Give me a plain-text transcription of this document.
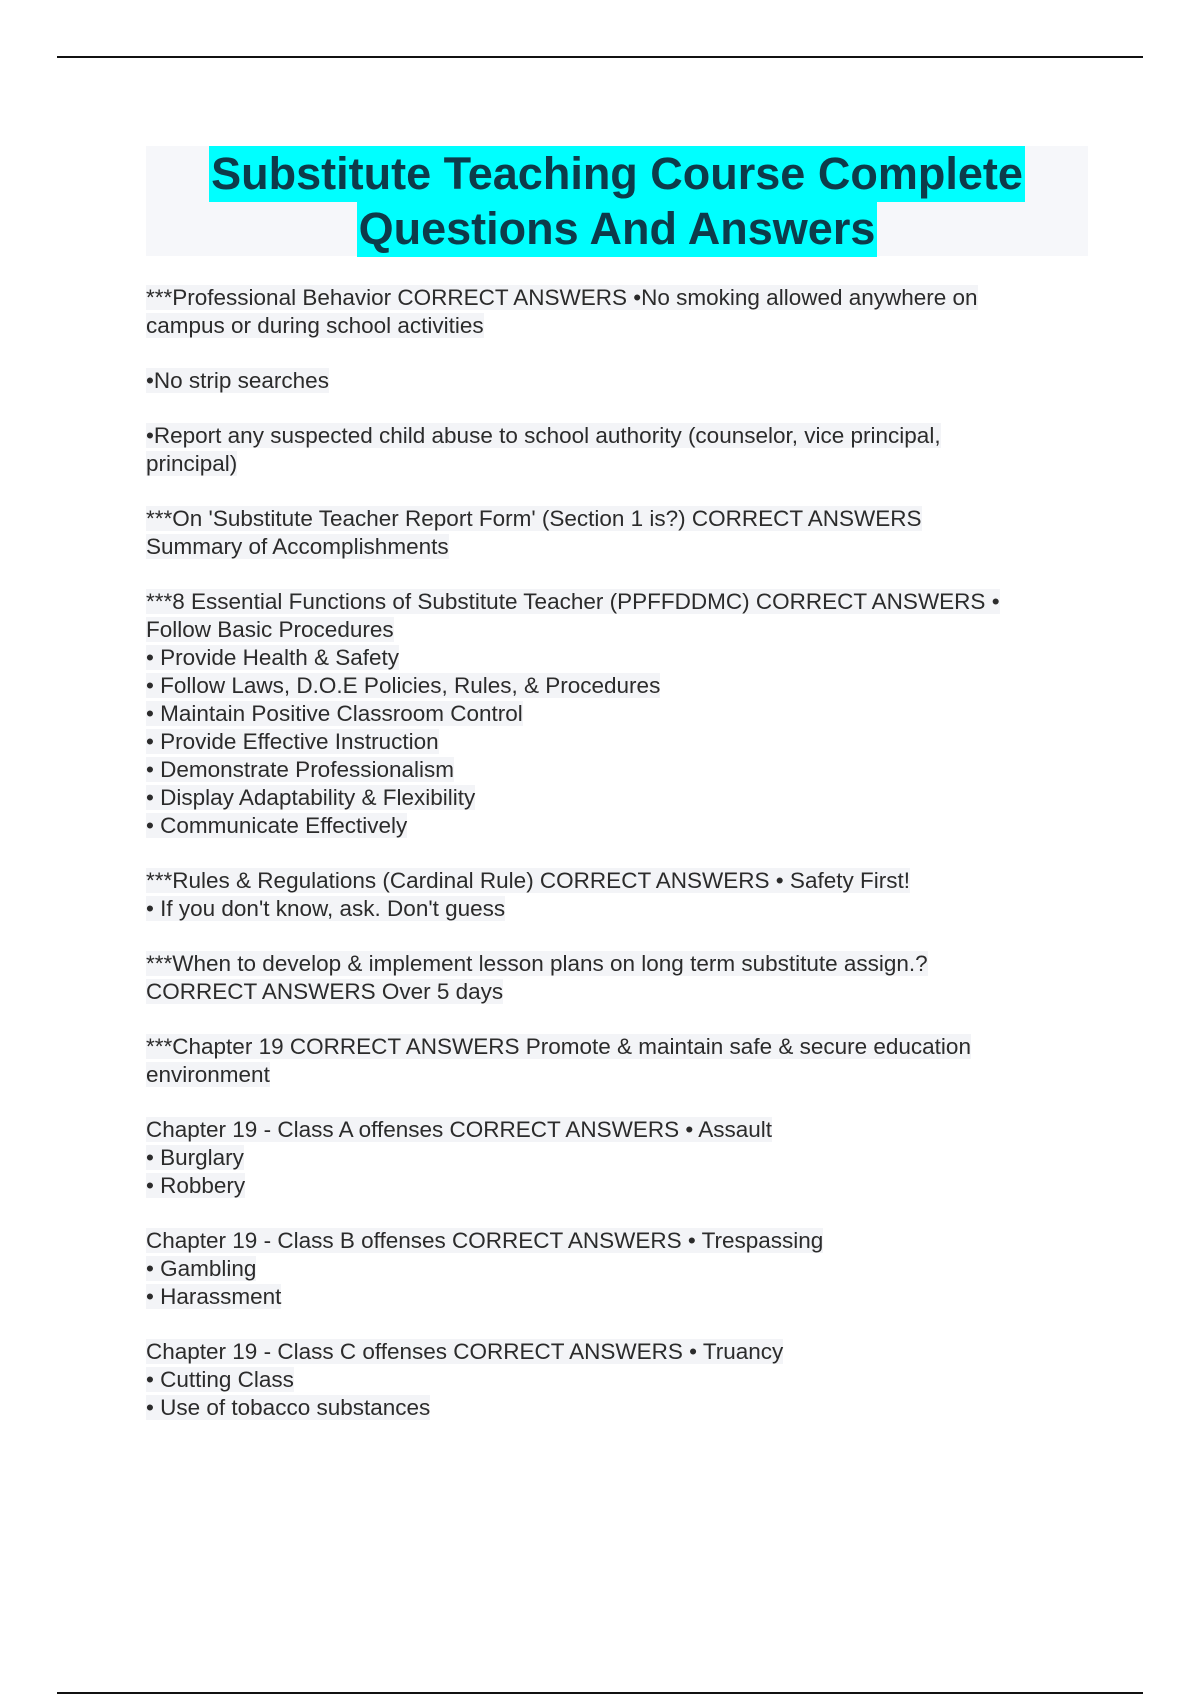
Substitute Teaching Course Complete
Questions And Answers
***Professional Behavior CORRECT ANSWERS •No smoking allowed anywhere on
campus or during school activities
•No strip searches
•Report any suspected child abuse to school authority (counselor, vice principal,
principal)
***On 'Substitute Teacher Report Form' (Section 1 is?) CORRECT ANSWERS
Summary of Accomplishments
***8 Essential Functions of Substitute Teacher (PPFFDDMC) CORRECT ANSWERS •
Follow Basic Procedures
• Provide Health & Safety
• Follow Laws, D.O.E Policies, Rules, & Procedures
• Maintain Positive Classroom Control
• Provide Effective Instruction
• Demonstrate Professionalism
• Display Adaptability & Flexibility
• Communicate Effectively
***Rules & Regulations (Cardinal Rule) CORRECT ANSWERS • Safety First!
• If you don't know, ask. Don't guess
***When to develop & implement lesson plans on long term substitute assign.?
CORRECT ANSWERS Over 5 days
***Chapter 19 CORRECT ANSWERS Promote & maintain safe & secure education
environment
Chapter 19 - Class A offenses CORRECT ANSWERS • Assault
• Burglary
• Robbery
Chapter 19 - Class B offenses CORRECT ANSWERS • Trespassing
• Gambling
• Harassment
Chapter 19 - Class C offenses CORRECT ANSWERS • Truancy
• Cutting Class
• Use of tobacco substances
